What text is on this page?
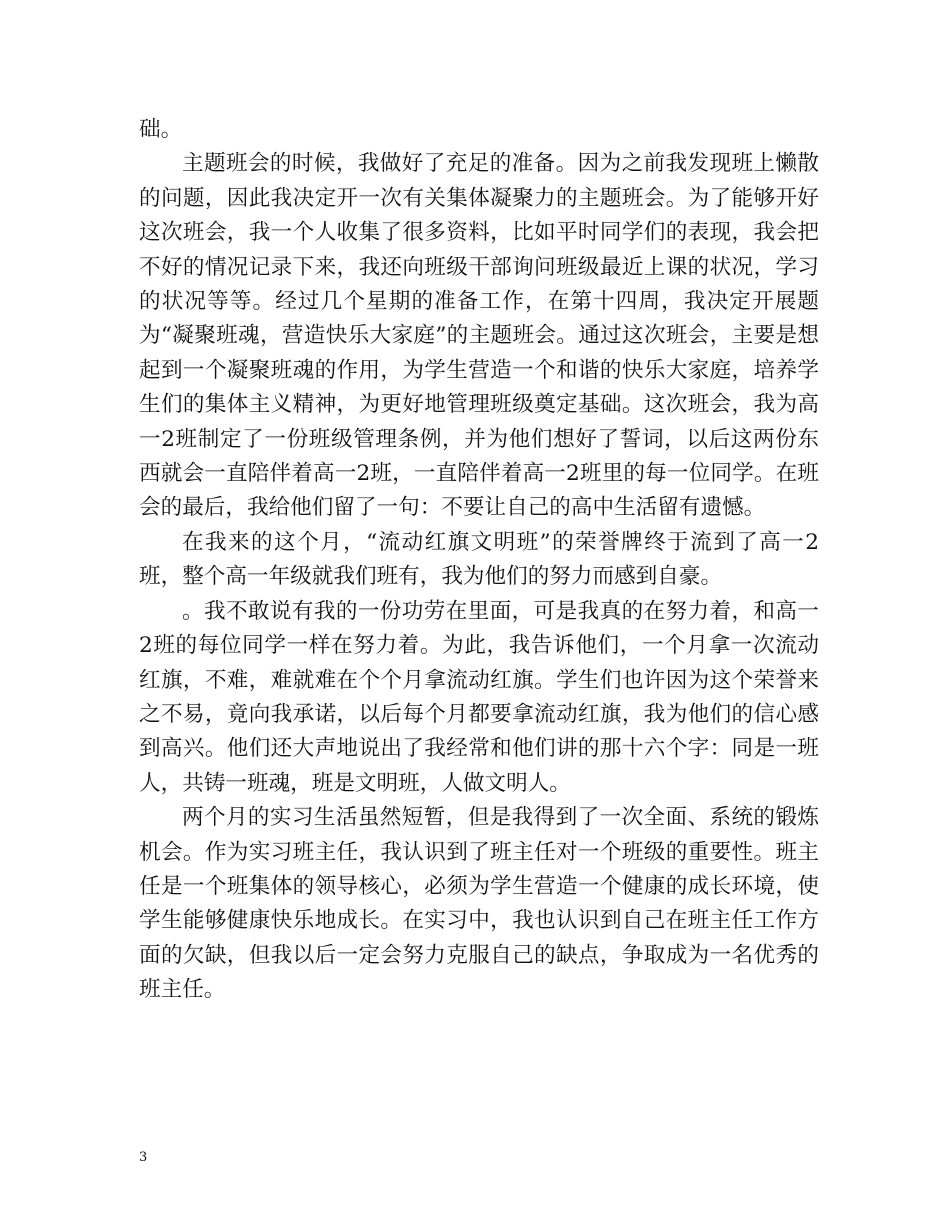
础。

主题班会的时候，我做好了充足的准备。因为之前我发现班上懒散的问题，因此我决定开一次有关集体凝聚力的主题班会。为了能够开好这次班会，我一个人收集了很多资料，比如平时同学们的表现，我会把不好的情况记录下来，我还向班级干部询问班级最近上课的状况，学习的状况等等。经过几个星期的准备工作，在第十四周，我决定开展题为“凝聚班魂，营造快乐大家庭”的主题班会。通过这次班会，主要是想起到一个凝聚班魂的作用，为学生营造一个和谐的快乐大家庭，培养学生们的集体主义精神，为更好地管理班级奠定基础。这次班会，我为高一2班制定了一份班级管理条例，并为他们想好了誓词，以后这两份东西就会一直陪伴着高一2班，一直陪伴着高一2班里的每一位同学。在班会的最后，我给他们留了一句：不要让自己的高中生活留有遗憾。

在我来的这个月，“流动红旗文明班”的荣誉牌终于流到了高一2班，整个高一年级就我们班有，我为他们的努力而感到自豪。

。我不敢说有我的一份功劳在里面，可是我真的在努力着，和高一2班的每位同学一样在努力着。为此，我告诉他们，一个月拿一次流动红旗，不难，难就难在个个月拿流动红旗。学生们也许因为这个荣誉来之不易，竟向我承诺，以后每个月都要拿流动红旗，我为他们的信心感到高兴。他们还大声地说出了我经常和他们讲的那十六个字：同是一班人，共铸一班魂，班是文明班，人做文明人。

两个月的实习生活虽然短暂，但是我得到了一次全面、系统的锻炼机会。作为实习班主任，我认识到了班主任对一个班级的重要性。班主任是一个班集体的领导核心，必须为学生营造一个健康的成长环境，使学生能够健康快乐地成长。在实习中，我也认识到自己在班主任工作方面的欠缺，但我以后一定会努力克服自己的缺点，争取成为一名优秀的班主任。

3
